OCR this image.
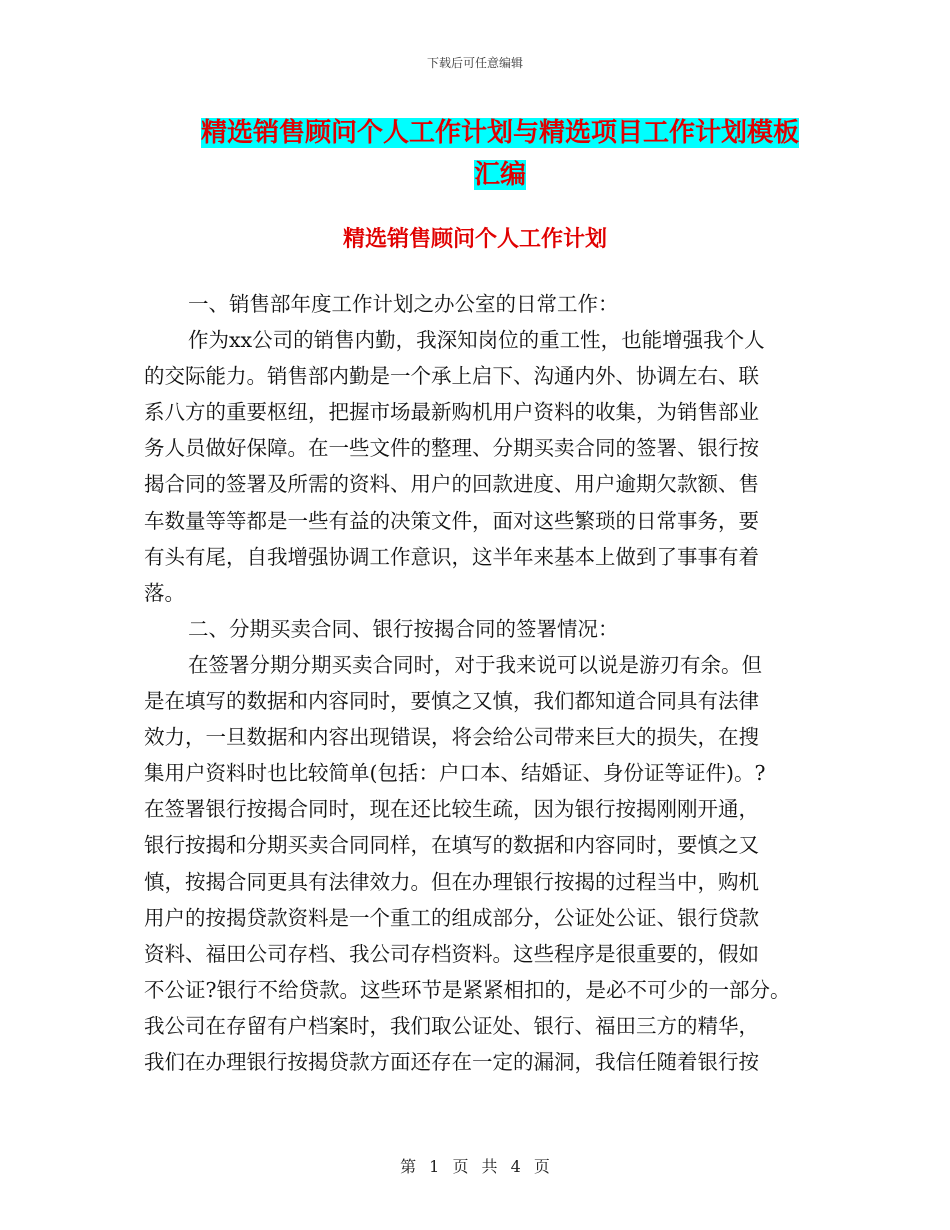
下载后可任意编辑
精选销售顾问个人工作计划与精选项目工作计划模板
汇编
精选销售顾问个人工作计划
一、销售部年度工作计划之办公室的日常工作：
作为xx公司的销售内勤，我深知岗位的重工性，也能增强我个人
的交际能力。销售部内勤是一个承上启下、沟通内外、协调左右、联
系八方的重要枢纽，把握市场最新购机用户资料的收集，为销售部业
务人员做好保障。在一些文件的整理、分期买卖合同的签署、银行按
揭合同的签署及所需的资料、用户的回款进度、用户逾期欠款额、售
车数量等等都是一些有益的决策文件，面对这些繁琐的日常事务，要
有头有尾，自我增强协调工作意识，这半年来基本上做到了事事有着
落。
二、分期买卖合同、银行按揭合同的签署情况：
在签署分期分期买卖合同时，对于我来说可以说是游刃有余。但
是在填写的数据和内容同时，要慎之又慎，我们都知道合同具有法律
效力，一旦数据和内容出现错误，将会给公司带来巨大的损失，在搜
集用户资料时也比较简单(包括：户口本、结婚证、身份证等证件)。?
在签署银行按揭合同时，现在还比较生疏，因为银行按揭刚刚开通，
银行按揭和分期买卖合同同样，在填写的数据和内容同时，要慎之又
慎，按揭合同更具有法律效力。但在办理银行按揭的过程当中，购机
用户的按揭贷款资料是一个重工的组成部分，公证处公证、银行贷款
资料、福田公司存档、我公司存档资料。这些程序是很重要的，假如
不公证?银行不给贷款。这些环节是紧紧相扣的，是必不可少的一部分。
我公司在存留有户档案时，我们取公证处、银行、福田三方的精华，
我们在办理银行按揭贷款方面还存在一定的漏洞，我信任随着银行按
第 1 页 共 4 页
